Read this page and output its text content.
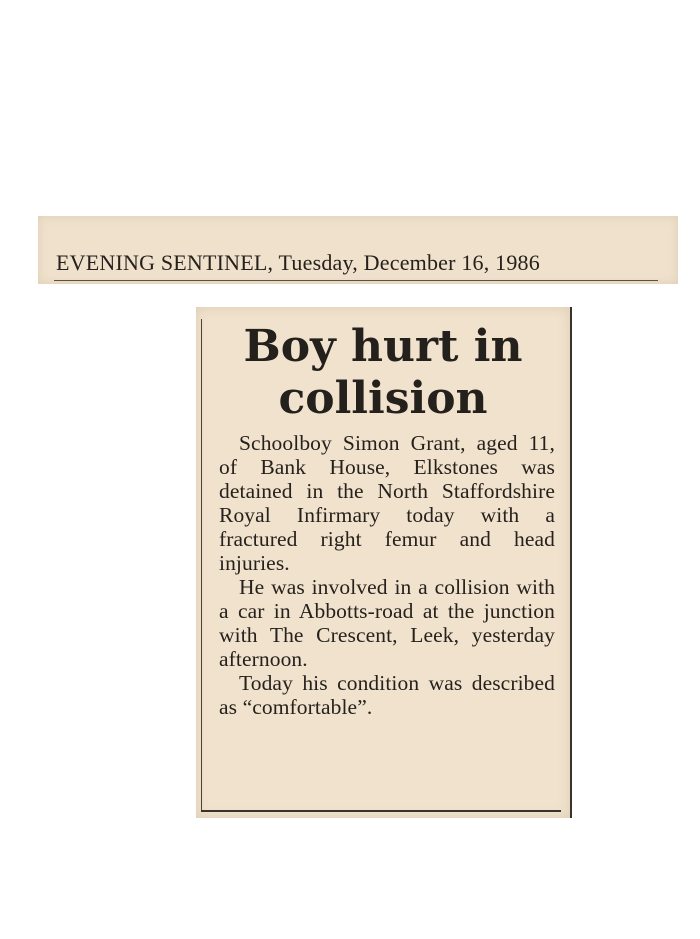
EVENING SENTINEL, Tuesday, December 16, 1986
Boy hurt in
collision

Schoolboy Simon Grant, aged 11, of Bank House, Elkstones was detained in the North Staffordshire Royal Infirmary today with a fractured right femur and head injuries.

He was involved in a collision with a car in Abbotts-road at the junction with The Crescent, Leek, yesterday afternoon.

Today his condition was described as “comfortable”.
